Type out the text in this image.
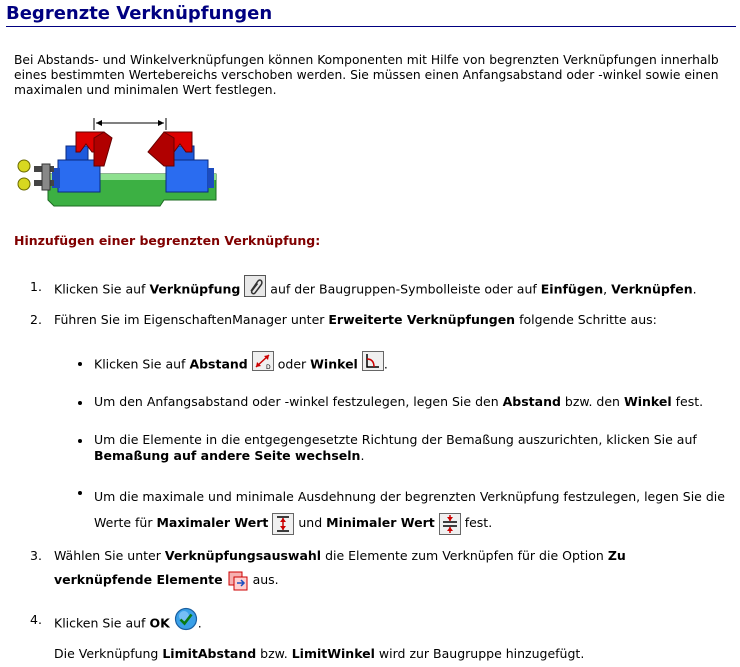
Begrenzte Verknüpfungen
Bei Abstands- und Winkelverknüpfungen können Komponenten mit Hilfe von begrenzten Verknüpfungen innerhalb eines bestimmten Wertebereichs verschoben werden. Sie müssen einen Anfangsabstand oder -winkel sowie einen maximalen und minimalen Wert festlegen.
Hinzufügen einer begrenzten Verknüpfung:
1. Klicken Sie auf Verknüpfung
auf der Baugruppen-Symbolleiste oder auf Einfügen, Verknüpfen.
2. Führen Sie im EigenschaftenManager unter Erweiterte Verknüpfungen folgende Schritte aus:
Klicken Sie auf Abstand	D oder Winkel .
Um den Anfangsabstand oder -winkel festzulegen, legen Sie den Abstand bzw. den Winkel fest.
Um die Elemente in die entgegengesetzte Richtung der Bemaßung auszurichten, klicken Sie auf Bemaßung auf andere Seite wechseln.
Um die maximale und minimale Ausdehnung der begrenzten Verknüpfung festzulegen, legen Sie die Werte für Maximaler Wert
und Minimaler Wert
fest.
3. Wählen Sie unter Verknüpfungsauswahl die Elemente zum Verknüpfen für die Option Zu verknüpfende Elemente
aus.
4. Klicken Sie auf OK .
Die Verknüpfung LimitAbstand bzw. LimitWinkel wird zur Baugruppe hinzugefügt.
